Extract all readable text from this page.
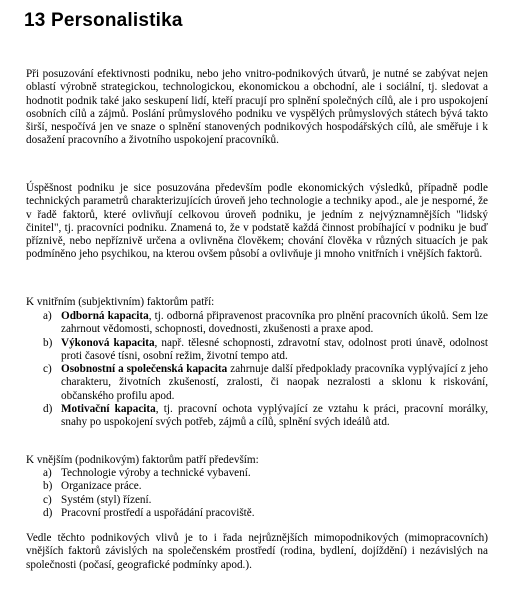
13 Personalistika

Při posuzování efektivnosti podniku, nebo jeho vnitro-podnikových útvarů, je nutné se zabývat nejen oblastí výrobně strategickou, technologickou, ekonomickou a obchodní, ale i sociální, tj. sledovat a hodnotit podnik také jako seskupení lidí, kteří pracují pro splnění společných cílů, ale i pro uspokojení osobních cílů a zájmů. Poslání průmyslového podniku ve vyspělých průmyslových státech bývá takto širší, nespočívá jen ve snaze o splnění stanovených podnikových hospodářských cílů, ale směřuje i k dosažení pracovního a životního uspokojení pracovníků.

Úspěšnost podniku je sice posuzována především podle ekonomických výsledků, případně podle technických parametrů charakterizujících úroveň jeho technologie a techniky apod., ale je nesporné, že v řadě faktorů, které ovlivňují celkovou úroveň podniku, je jedním z nejvýznamnějších "lidský činitel", tj. pracovníci podniku. Znamená to, že v podstatě každá činnost probíhající v podniku je buď příznivě, nebo nepříznivě určena a ovlivněna člověkem; chování člověka v různých situacích je pak podmíněno jeho psychikou, na kterou ovšem působí a ovlivňuje ji mnoho vnitřních i vnějších faktorů.

K vnitřním (subjektivním) faktorům patří:

a) Odborná kapacita, tj. odborná připravenost pracovníka pro plnění pracovních úkolů. Sem lze zahrnout vědomosti, schopnosti, dovednosti, zkušenosti a praxe apod.
b) Výkonová kapacita, např. tělesné schopnosti, zdravotní stav, odolnost proti únavě, odolnost proti časové tísni, osobní režim, životní tempo atd.
c) Osobnostní a společenská kapacita zahrnuje další předpoklady pracovníka vyplývající z jeho charakteru, životních zkušeností, zralosti, či naopak nezralosti a sklonu k riskování, občanského profilu apod.
d) Motivační kapacita, tj. pracovní ochota vyplývající ze vztahu k práci, pracovní morálky, snahy po uspokojení svých potřeb, zájmů a cílů, splnění svých ideálů atd.

K vnějším (podnikovým) faktorům patří především:

a) Technologie výroby a technické vybavení.
b) Organizace práce.
c) Systém (styl) řízení.
d) Pracovní prostředí a uspořádání pracoviště.

Vedle těchto podnikových vlivů je to i řada nejrůznějších mimopodnikových (mimopracovních) vnějších faktorů závislých na společenském prostředí (rodina, bydlení, dojíždění) i nezávislých na společnosti (počasí, geografické podmínky apod.).
